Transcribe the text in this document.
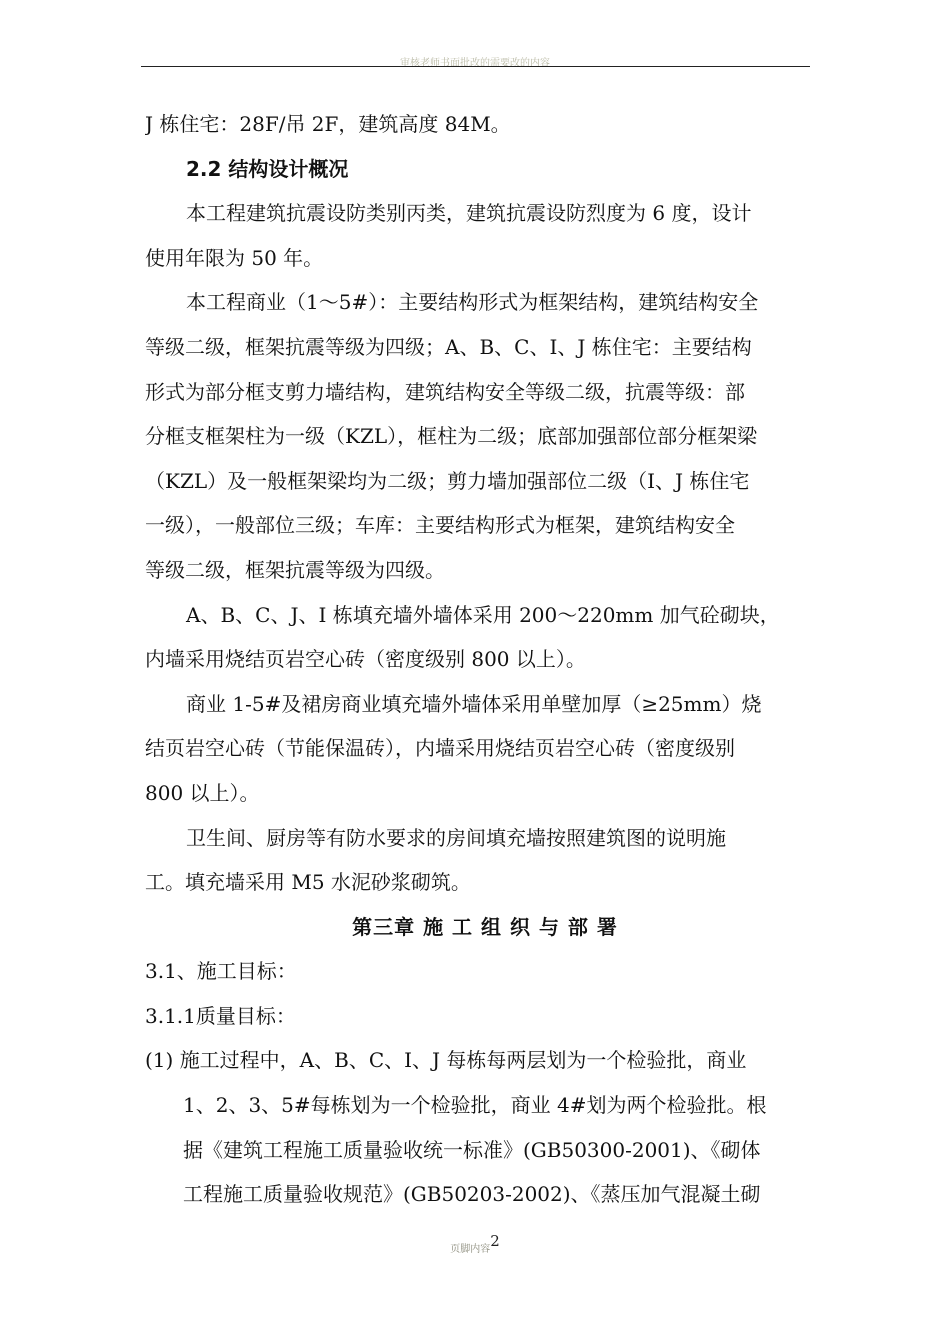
审核老师书面批改的需要改的内容
J 栋住宅：28F/吊 2F，建筑高度 84M。
2.2 结构设计概况
本工程建筑抗震设防类别丙类，建筑抗震设防烈度为 6 度，设计
使用年限为 50 年。
本工程商业（1～5#）：主要结构形式为框架结构，建筑结构安全
等级二级，框架抗震等级为四级；A、B、C、I、J 栋住宅：主要结构
形式为部分框支剪力墙结构，建筑结构安全等级二级，抗震等级：部
分框支框架柱为一级（KZL），框柱为二级；底部加强部位部分框架梁
（KZL）及一般框架梁均为二级；剪力墙加强部位二级（I、J 栋住宅
一级），一般部位三级；车库：主要结构形式为框架，建筑结构安全
等级二级，框架抗震等级为四级。
A、B、C、J、I 栋填充墙外墙体采用 200～220mm 加气砼砌块，
内墙采用烧结页岩空心砖（密度级别 800 以上）。
商业 1-5#及裙房商业填充墙外墙体采用单壁加厚（≥25mm）烧
结页岩空心砖（节能保温砖），内墙采用烧结页岩空心砖（密度级别
800 以上）。
卫生间、厨房等有防水要求的房间填充墙按照建筑图的说明施
工。填充墙采用 M5 水泥砂浆砌筑。
第三章 施 工 组 织 与 部 署
3.1、施工目标：
3.1.1质量目标：
(1) 施工过程中，A、B、C、I、J 每栋每两层划为一个检验批，商业
1、2、3、5#每栋划为一个检验批，商业 4#划为两个检验批。根
据《建筑工程施工质量验收统一标准》(GB50300-2001)、《砌体
工程施工质量验收规范》(GB50203-2002)、《蒸压加气混凝土砌
页脚内容2
